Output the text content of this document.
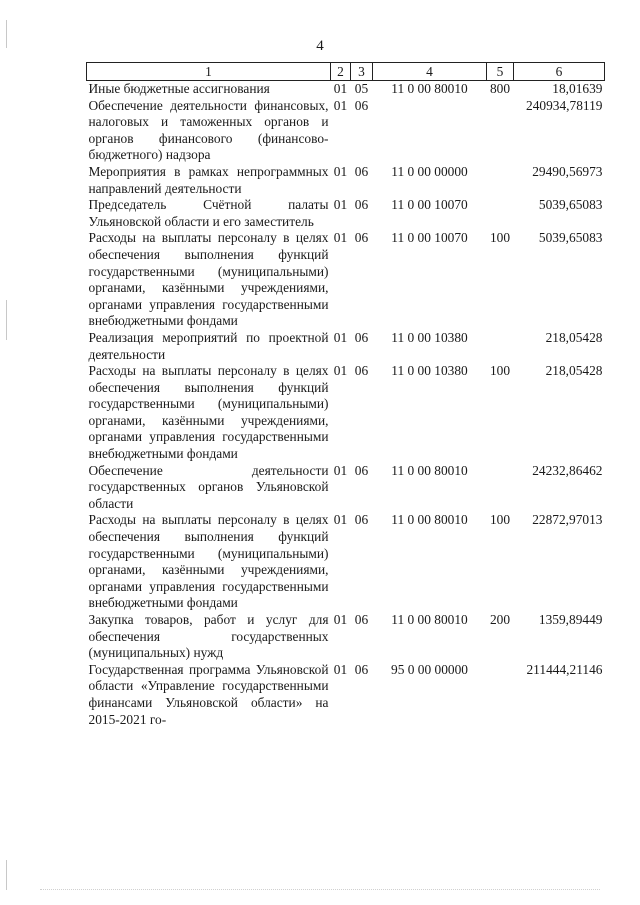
4
1	2	3	4	5	6
Иные бюджетные ассигнования	01	05	11 0 00 80010	800	18,01639
Обеспечение деятельности финансовых, налоговых и таможенных органов и органов финансового (финансово-бюджетного) надзора	01	06			240934,78119
Мероприятия в рамках непрограммных направлений деятельности	01	06	11 0 00 00000		29490,56973
Председатель Счётной палаты Ульяновской области и его заместитель	01	06	11 0 00 10070		5039,65083
Расходы на выплаты персоналу в целях обеспечения выполнения функций государственными (муниципальными) органами, казёнными учреждениями, органами управления государственными внебюджетными фондами	01	06	11 0 00 10070	100	5039,65083
Реализация мероприятий по проектной деятельности	01	06	11 0 00 10380		218,05428
Расходы на выплаты персоналу в целях обеспечения выполнения функций государственными (муниципальными) органами, казёнными учреждениями, органами управления государственными внебюджетными фондами	01	06	11 0 00 10380	100	218,05428
Обеспечение деятельности государственных органов Ульяновской области	01	06	11 0 00 80010		24232,86462
Расходы на выплаты персоналу в целях обеспечения выполнения функций государственными (муниципальными) органами, казёнными учреждениями, органами управления государственными внебюджетными фондами	01	06	11 0 00 80010	100	22872,97013
Закупка товаров, работ и услуг для обеспечения государственных (муниципальных) нужд	01	06	11 0 00 80010	200	1359,89449
Государственная программа Ульяновской области «Управление государственными финансами Ульяновской области» на 2015-2021 го-	01	06	95 0 00 00000		211444,21146
